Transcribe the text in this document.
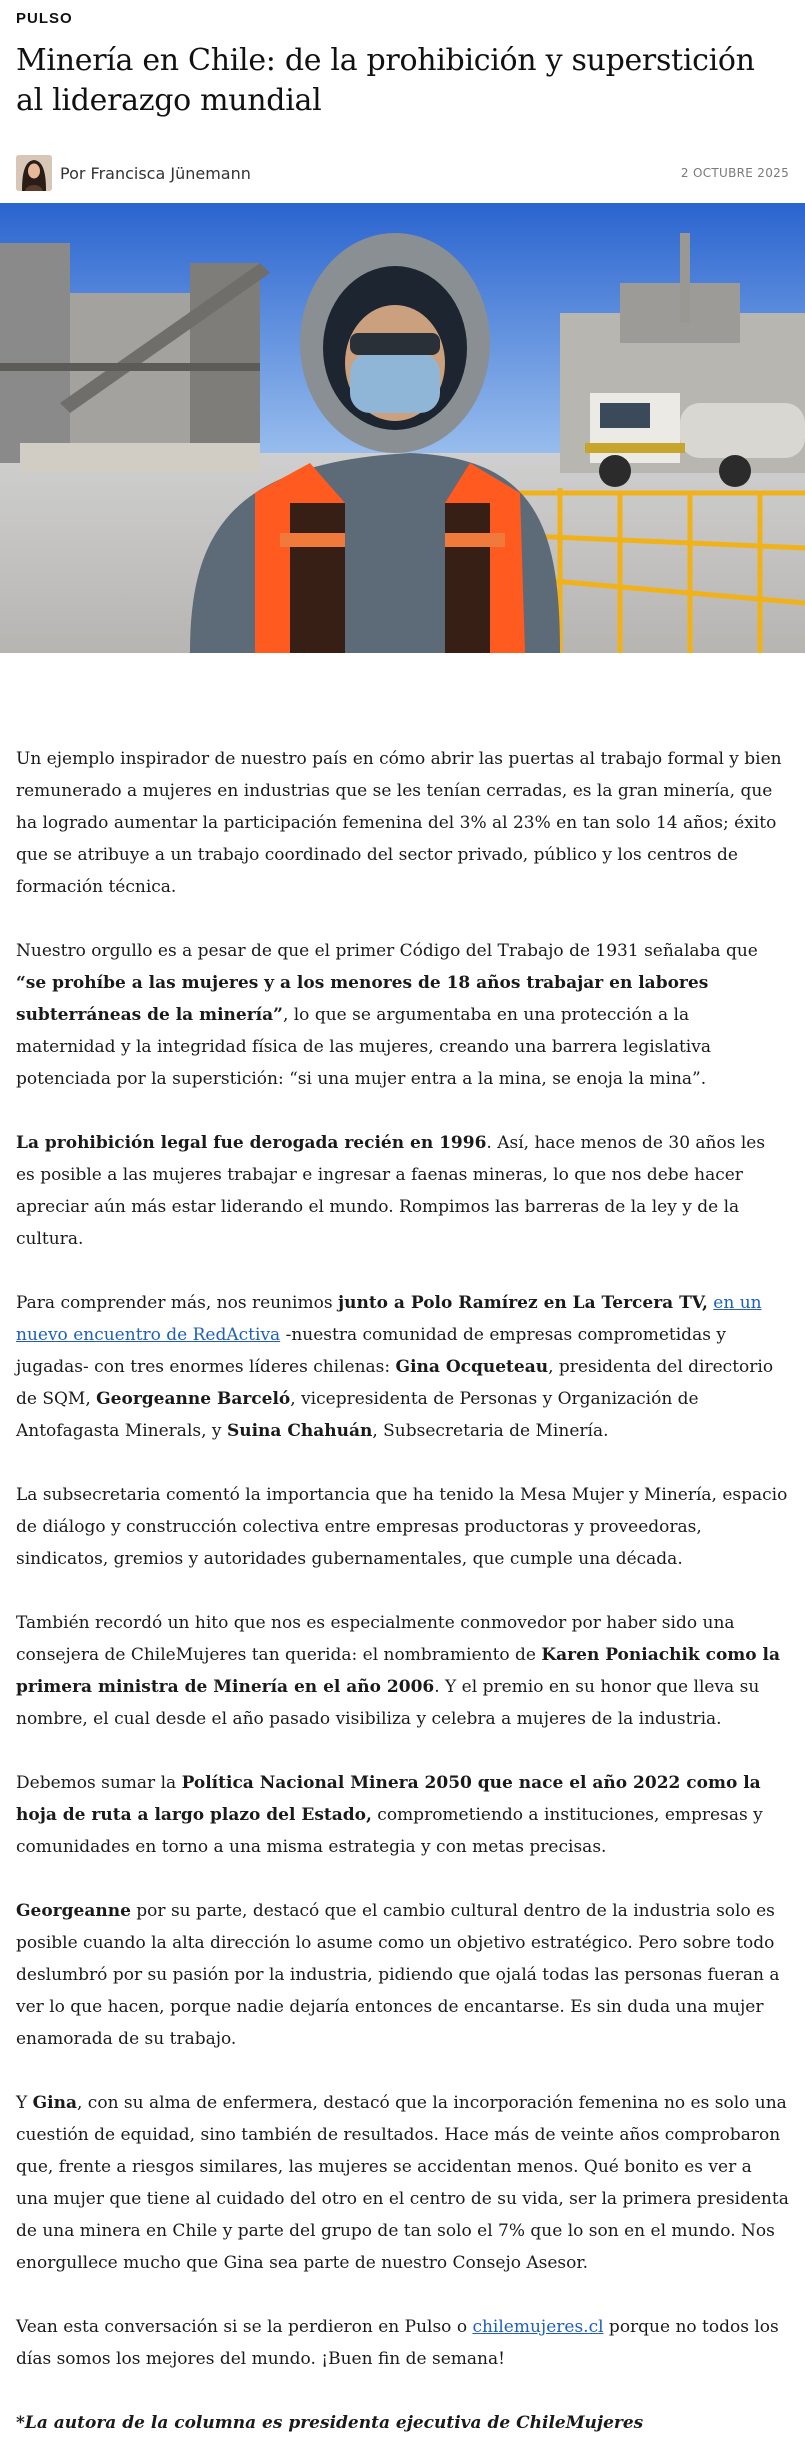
PULSO
Minería en Chile: de la prohibición y superstición al liderazgo mundial
Por Francisca Jünemann	2 OCTUBRE 2025

Un ejemplo inspirador de nuestro país en cómo abrir las puertas al trabajo formal y bien remunerado a mujeres en industrias que se les tenían cerradas, es la gran minería, que ha logrado aumentar la participación femenina del 3% al 23% en tan solo 14 años; éxito que se atribuye a un trabajo coordinado del sector privado, público y los centros de formación técnica.

Nuestro orgullo es a pesar de que el primer Código del Trabajo de 1931 señalaba que “se prohíbe a las mujeres y a los menores de 18 años trabajar en labores subterráneas de la minería”, lo que se argumentaba en una protección a la maternidad y la integridad física de las mujeres, creando una barrera legislativa potenciada por la superstición: “si una mujer entra a la mina, se enoja la mina”.

La prohibición legal fue derogada recién en 1996. Así, hace menos de 30 años les es posible a las mujeres trabajar e ingresar a faenas mineras, lo que nos debe hacer apreciar aún más estar liderando el mundo. Rompimos las barreras de la ley y de la cultura.

Para comprender más, nos reunimos junto a Polo Ramírez en La Tercera TV, en un nuevo encuentro de RedActiva -nuestra comunidad de empresas comprometidas y jugadas- con tres enormes líderes chilenas: Gina Ocqueteau, presidenta del directorio de SQM, Georgeanne Barceló, vicepresidenta de Personas y Organización de Antofagasta Minerals, y Suina Chahuán, Subsecretaria de Minería.

La subsecretaria comentó la importancia que ha tenido la Mesa Mujer y Minería, espacio de diálogo y construcción colectiva entre empresas productoras y proveedoras, sindicatos, gremios y autoridades gubernamentales, que cumple una década.

También recordó un hito que nos es especialmente conmovedor por haber sido una consejera de ChileMujeres tan querida: el nombramiento de Karen Poniachik como la primera ministra de Minería en el año 2006. Y el premio en su honor que lleva su nombre, el cual desde el año pasado visibiliza y celebra a mujeres de la industria.

Debemos sumar la Política Nacional Minera 2050 que nace el año 2022 como la hoja de ruta a largo plazo del Estado, comprometiendo a instituciones, empresas y comunidades en torno a una misma estrategia y con metas precisas.

Georgeanne por su parte, destacó que el cambio cultural dentro de la industria solo es posible cuando la alta dirección lo asume como un objetivo estratégico. Pero sobre todo deslumbró por su pasión por la industria, pidiendo que ojalá todas las personas fueran a ver lo que hacen, porque nadie dejaría entonces de encantarse. Es sin duda una mujer enamorada de su trabajo.

Y Gina, con su alma de enfermera, destacó que la incorporación femenina no es solo una cuestión de equidad, sino también de resultados. Hace más de veinte años comprobaron que, frente a riesgos similares, las mujeres se accidentan menos. Qué bonito es ver a una mujer que tiene al cuidado del otro en el centro de su vida, ser la primera presidenta de una minera en Chile y parte del grupo de tan solo el 7% que lo son en el mundo. Nos enorgullece mucho que Gina sea parte de nuestro Consejo Asesor.

Vean esta conversación si se la perdieron en Pulso o chilemujeres.cl porque no todos los días somos los mejores del mundo. ¡Buen fin de semana!

*La autora de la columna es presidenta ejecutiva de ChileMujeres
